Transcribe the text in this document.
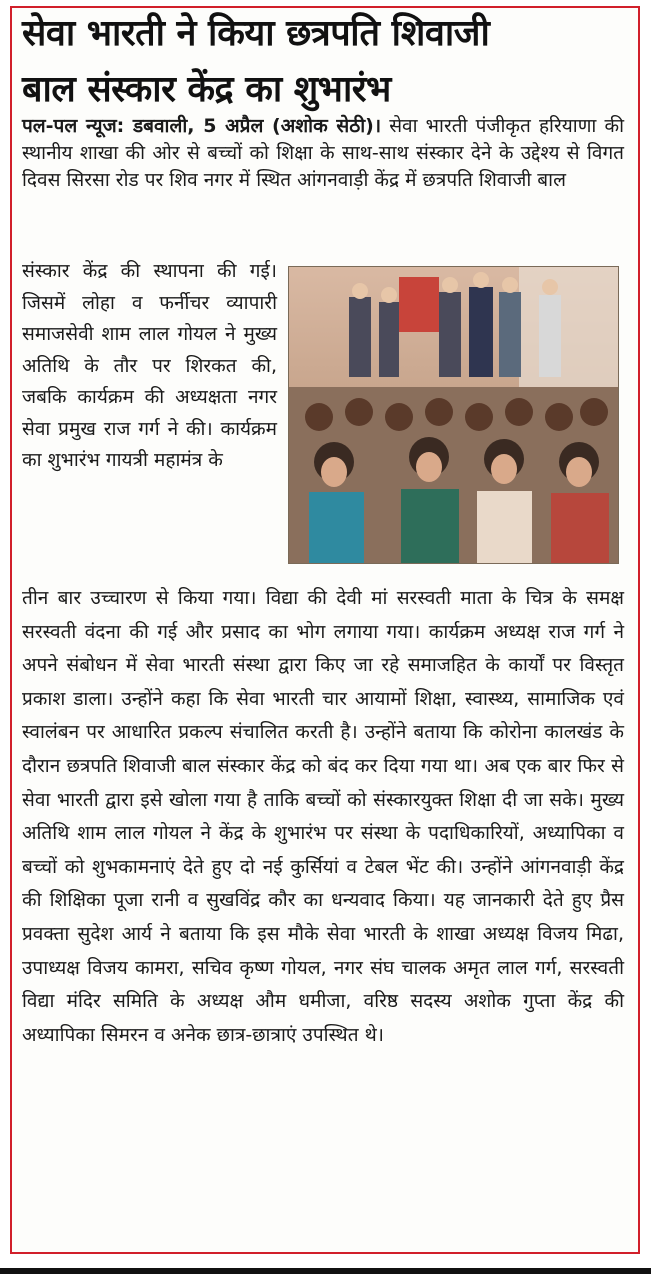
सेवा भारती ने किया छत्रपति शिवाजी
बाल संस्कार केंद्र का शुभारंभ

पल-पल न्यूज: डबवाली, 5 अप्रैल (अशोक सेठी)। सेवा भारती पंजीकृत हरियाणा की स्थानीय शाखा की ओर से बच्चों को शिक्षा के साथ-साथ संस्कार देने के उद्देश्य से विगत दिवस सिरसा रोड पर शिव नगर में स्थित आंगनवाड़ी केंद्र में छत्रपति शिवाजी बाल

संस्कार केंद्र की स्थापना की गई। जिसमें लोहा व फर्नीचर व्यापारी समाजसेवी शाम लाल गोयल ने मुख्य अतिथि के तौर पर शिरकत की, जबकि कार्यक्रम की अध्यक्षता नगर सेवा प्रमुख राज गर्ग ने की। कार्यक्रम का शुभारंभ गायत्री महामंत्र के

तीन बार उच्चारण से किया गया। विद्या की देवी मां सरस्वती माता के चित्र के समक्ष सरस्वती वंदना की गई और प्रसाद का भोग लगाया गया। कार्यक्रम अध्यक्ष राज गर्ग ने अपने संबोधन में सेवा भारती संस्था द्वारा किए जा रहे समाजहित के कार्यों पर विस्तृत प्रकाश डाला। उन्होंने कहा कि सेवा भारती चार आयामों शिक्षा, स्वास्थ्य, सामाजिक एवं स्वालंबन पर आधारित प्रकल्प संचालित करती है। उन्होंने बताया कि कोरोना कालखंड के दौरान छत्रपति शिवाजी बाल संस्कार केंद्र को बंद कर दिया गया था। अब एक बार फिर से सेवा भारती द्वारा इसे खोला गया है ताकि बच्चों को संस्कारयुक्त शिक्षा दी जा सके। मुख्य अतिथि शाम लाल गोयल ने केंद्र के शुभारंभ पर संस्था के पदाधिकारियों, अध्यापिका व बच्चों को शुभकामनाएं देते हुए दो नई कुर्सियां व टेबल भेंट की। उन्होंने आंगनवाड़ी केंद्र की शिक्षिका पूजा रानी व सुखविंद्र कौर का धन्यवाद किया। यह जानकारी देते हुए प्रैस प्रवक्ता सुदेश आर्य ने बताया कि इस मौके सेवा भारती के शाखा अध्यक्ष विजय मिढा, उपाध्यक्ष विजय कामरा, सचिव कृष्ण गोयल, नगर संघ चालक अमृत लाल गर्ग, सरस्वती विद्या मंदिर समिति के अध्यक्ष औम धमीजा, वरिष्ठ सदस्य अशोक गुप्ता केंद्र की अध्यापिका सिमरन व अनेक छात्र-छात्राएं उपस्थित थे।
